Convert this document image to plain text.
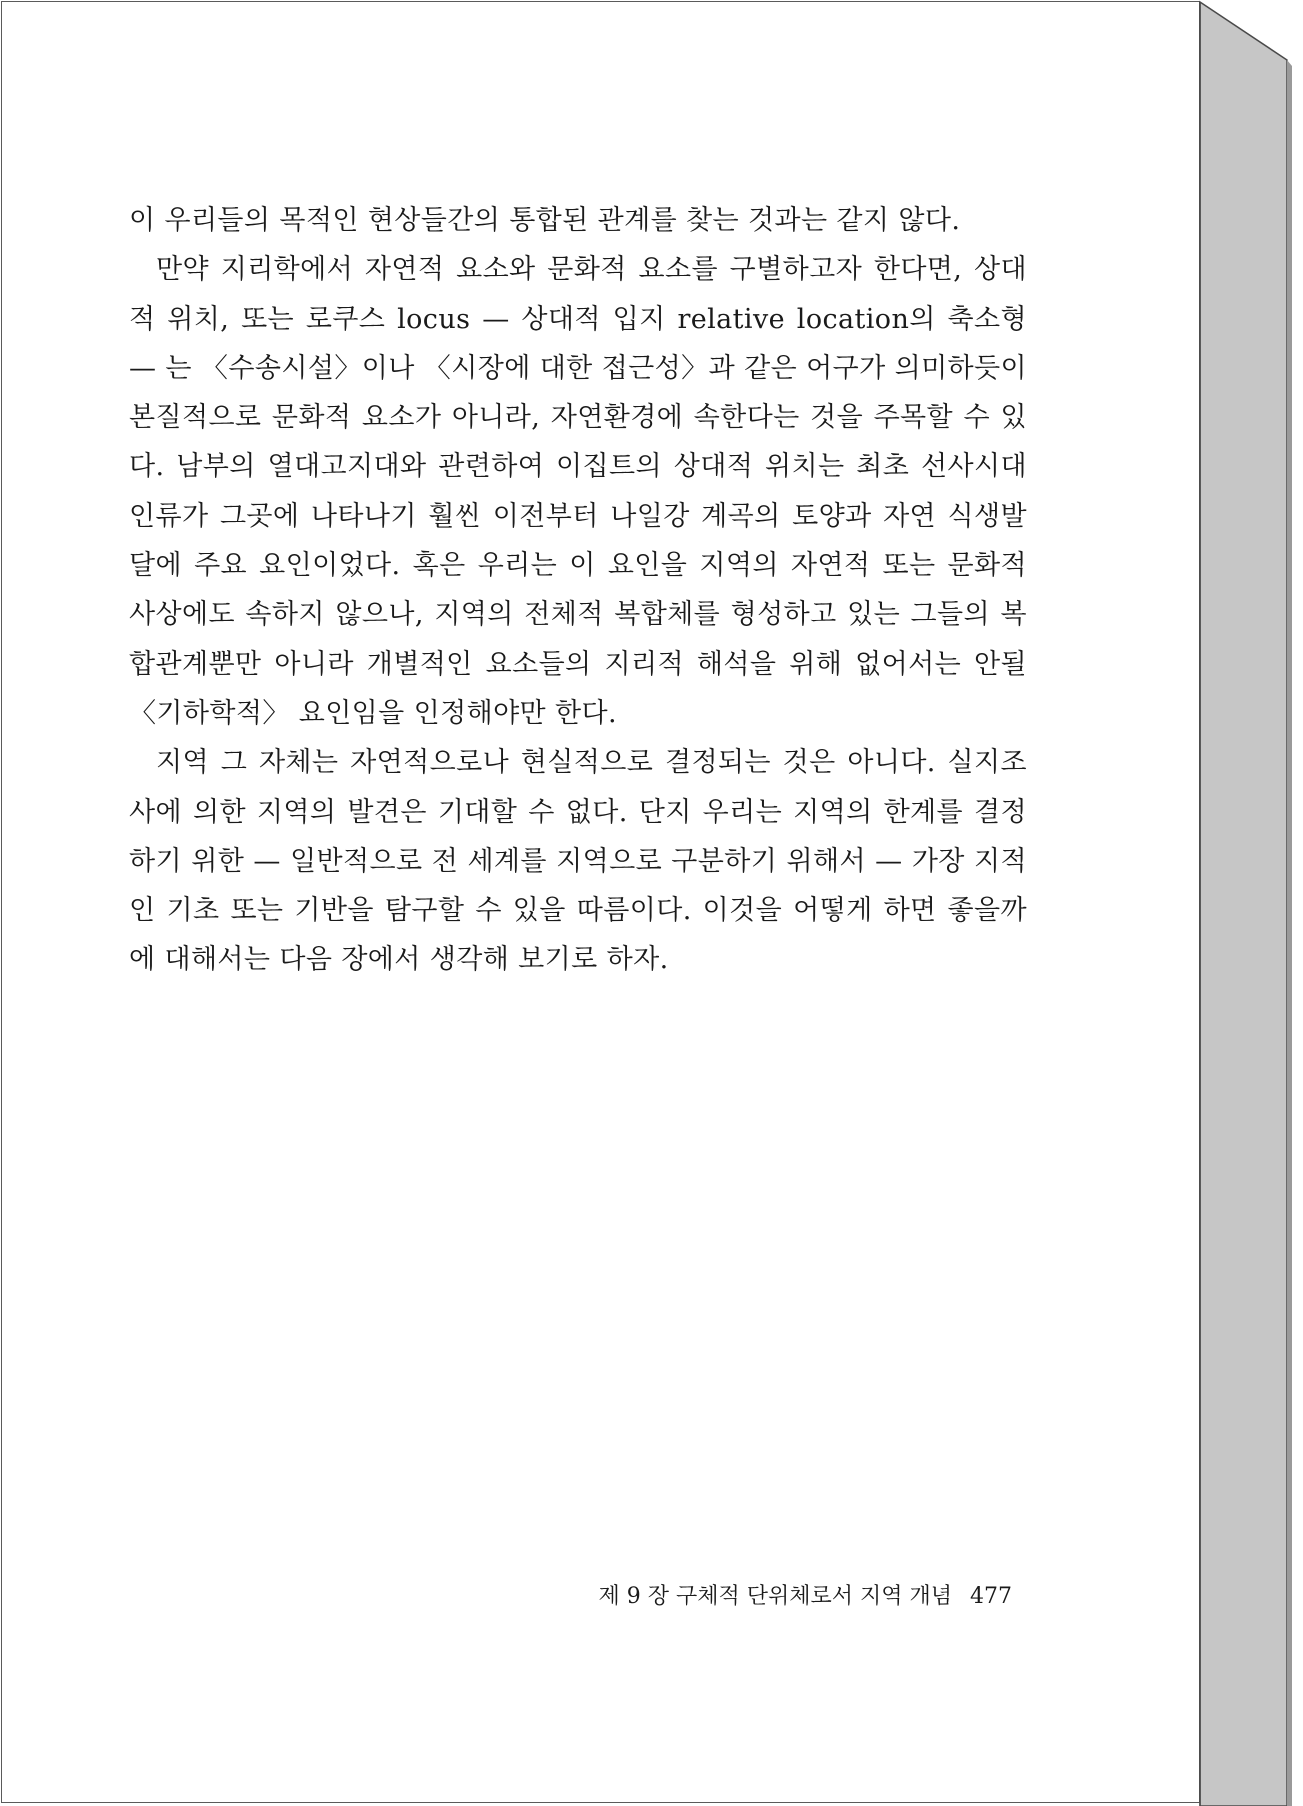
이 우리들의 목적인 현상들간의 통합된 관계를 찾는 것과는 같지 않다.

만약 지리학에서 자연적 요소와 문화적 요소를 구별하고자 한다면, 상대적 위치, 또는 로쿠스 locus — 상대적 입지 relative location의 축소형 — 는 〈수송시설〉이나 〈시장에 대한 접근성〉과 같은 어구가 의미하듯이 본질적으로 문화적 요소가 아니라, 자연환경에 속한다는 것을 주목할 수 있다. 남부의 열대고지대와 관련하여 이집트의 상대적 위치는 최초 선사시대 인류가 그곳에 나타나기 훨씬 이전부터 나일강 계곡의 토양과 자연 식생발달에 주요 요인이었다. 혹은 우리는 이 요인을 지역의 자연적 또는 문화적 사상에도 속하지 않으나, 지역의 전체적 복합체를 형성하고 있는 그들의 복합관계뿐만 아니라 개별적인 요소들의 지리적 해석을 위해 없어서는 안될 〈기하학적〉 요인임을 인정해야만 한다.

지역 그 자체는 자연적으로나 현실적으로 결정되는 것은 아니다. 실지조사에 의한 지역의 발견은 기대할 수 없다. 단지 우리는 지역의 한계를 결정하기 위한 — 일반적으로 전 세계를 지역으로 구분하기 위해서 — 가장 지적인 기초 또는 기반을 탐구할 수 있을 따름이다. 이것을 어떻게 하면 좋을까에 대해서는 다음 장에서 생각해 보기로 하자.

제 9 장 구체적 단위체로서 지역 개념 477
